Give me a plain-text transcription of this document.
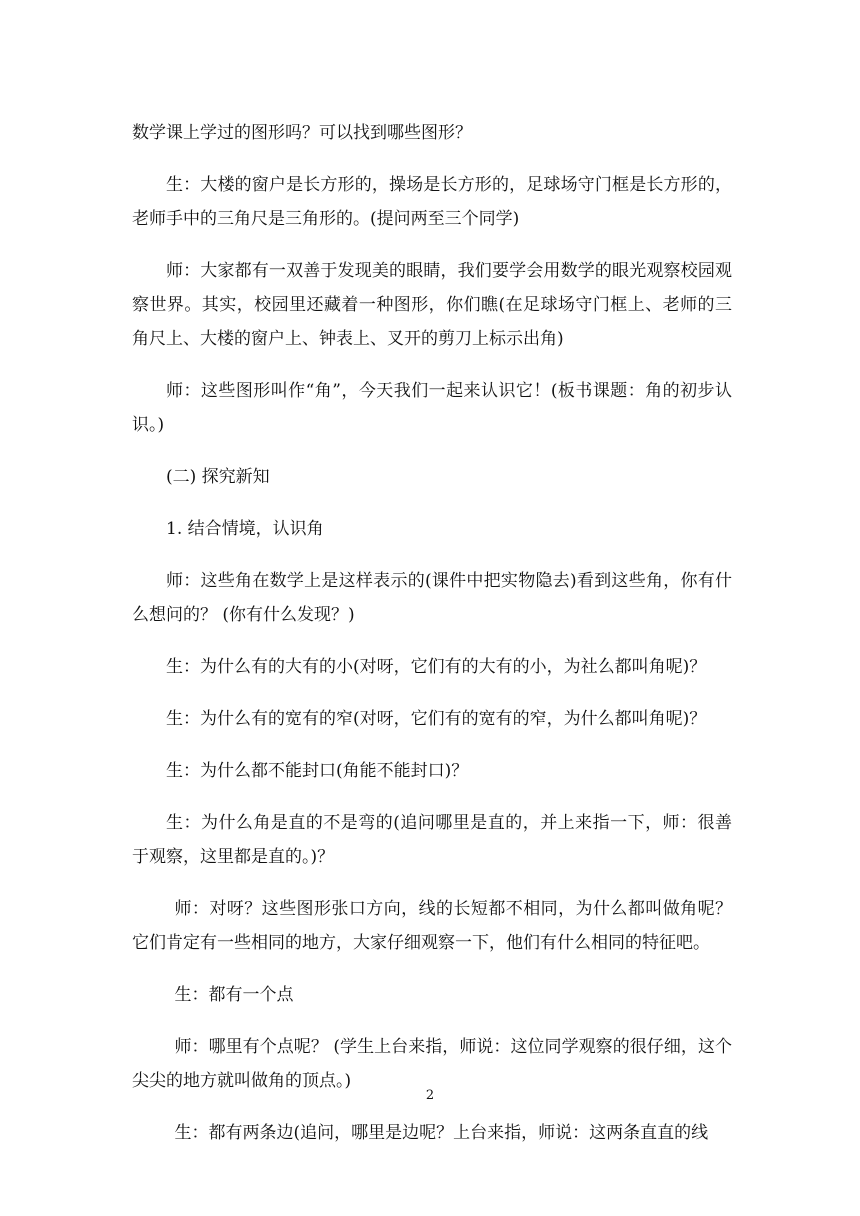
数学课上学过的图形吗？可以找到哪些图形？

生：大楼的窗户是长方形的，操场是长方形的，足球场守门框是长方形的，老师手中的三角尺是三角形的。(提问两至三个同学)

师：大家都有一双善于发现美的眼睛，我们要学会用数学的眼光观察校园观察世界。其实，校园里还藏着一种图形，你们瞧(在足球场守门框上、老师的三角尺上、大楼的窗户上、钟表上、叉开的剪刀上标示出角)

师：这些图形叫作“角”，今天我们一起来认识它！(板书课题：角的初步认识。)

(二) 探究新知

1. 结合情境，认识角

师：这些角在数学上是这样表示的(课件中把实物隐去)看到这些角，你有什么想问的？ (你有什么发现？)

生：为什么有的大有的小(对呀，它们有的大有的小，为社么都叫角呢)？

生：为什么有的宽有的窄(对呀，它们有的宽有的窄，为什么都叫角呢)？

生：为什么都不能封口(角能不能封口)？

生：为什么角是直的不是弯的(追问哪里是直的，并上来指一下，师：很善于观察，这里都是直的。)？

师：对呀？这些图形张口方向，线的长短都不相同，为什么都叫做角呢？它们肯定有一些相同的地方，大家仔细观察一下，他们有什么相同的特征吧。

生：都有一个点

师：哪里有个点呢？ (学生上台来指，师说：这位同学观察的很仔细，这个尖尖的地方就叫做角的顶点。)

生：都有两条边(追问，哪里是边呢？上台来指，师说：这两条直直的线

2
